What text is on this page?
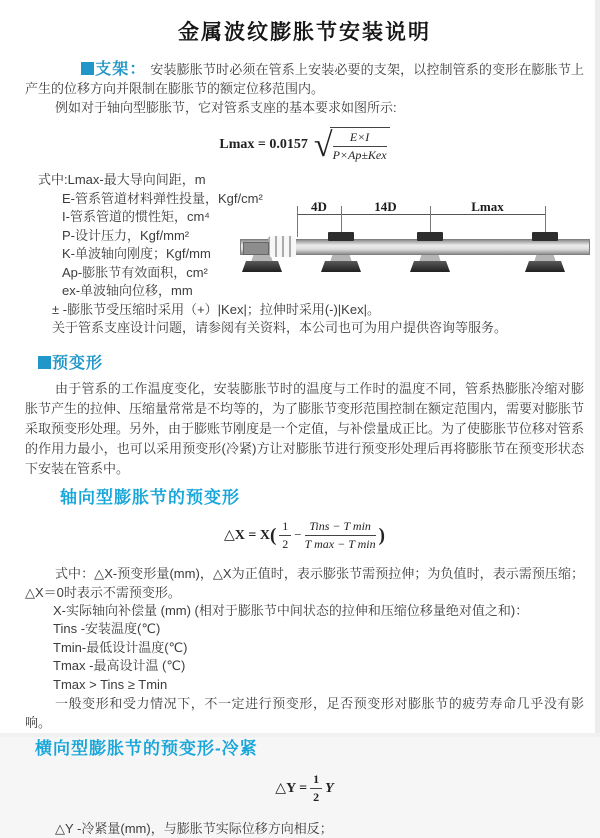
金属波纹膨胀节安装说明

支架： 安装膨胀节时必须在管系上安装必要的支架，以控制管系的变形在膨胀节上产生的位移方向并限制在膨胀节的额定位移范围内。

例如对于轴向型膨胀节，它对管系支座的基本要求如图所示:

Lmax = 0.0157 √ $\frac{E\times I}{\text{P×Ap±Kex}}$
式中:Lmax-最大导向间距，m
E-管系管道材料弹性投量，Kgf/cm²
I-管系管道的惯性矩，cm⁴
P-设计压力，Kgf/mm²
K-单波轴向刚度；Kgf/mm
Ap-膨胀节有效面积，cm²
ex-单波轴向位移，mm
± -膨胀节受压缩时采用（+）|Kex|；拉伸时采用(-)|Kex|。
关于管系支座设计问题，请参阅有关资料，本公司也可为用户提供咨询等服务。
4D	14D	Lmax
预变形

由于管系的工作温度变化，安装膨胀节时的温度与工作时的温度不同，管系热膨胀冷缩对膨胀节产生的拉伸、压缩量常常是不均等的，为了膨胀节变形范围控制在额定范围内，需要对膨胀节采取预变形处理。另外，由于膨账节刚度是一个定值，与补偿量成正比。为了使膨胀节位移对管系的作用力最小，也可以采用预变形(冷紧)方让对膨胀节进行预变形处理后再将膨胀节在预变形状态下安装在管系中。

轴向型膨胀节的预变形
△X = X ( $\frac{1}{2} - \frac{\text{Tins − T min}}{\text{T max − T min}}$ )

式中：△X-预变形量(mm)，△X为正值时，表示膨张节需预拉伸；为负值时，表示需预压缩；△X＝0时表示不需预变形。

X-实际轴向补偿量 (mm) (相对于膨胀节中间状态的拉伸和压缩位移量绝对值之和)：
Tins -安装温度(℃)
Tmin-最低设计温度(℃)
Tmax -最高设计温 (℃)
Tmax > Tins ≥ Tmin

一般变形和受力情况下，不一定进行预变形，足否预变形对膨胀节的疲劳寿命几乎没有影响。

横向型膨胀节的预变形-冷紧
△Y = $\frac{1}{2}$ Y

△Y -冷紧量(mm)，与膨胀节实际位移方向相反；
